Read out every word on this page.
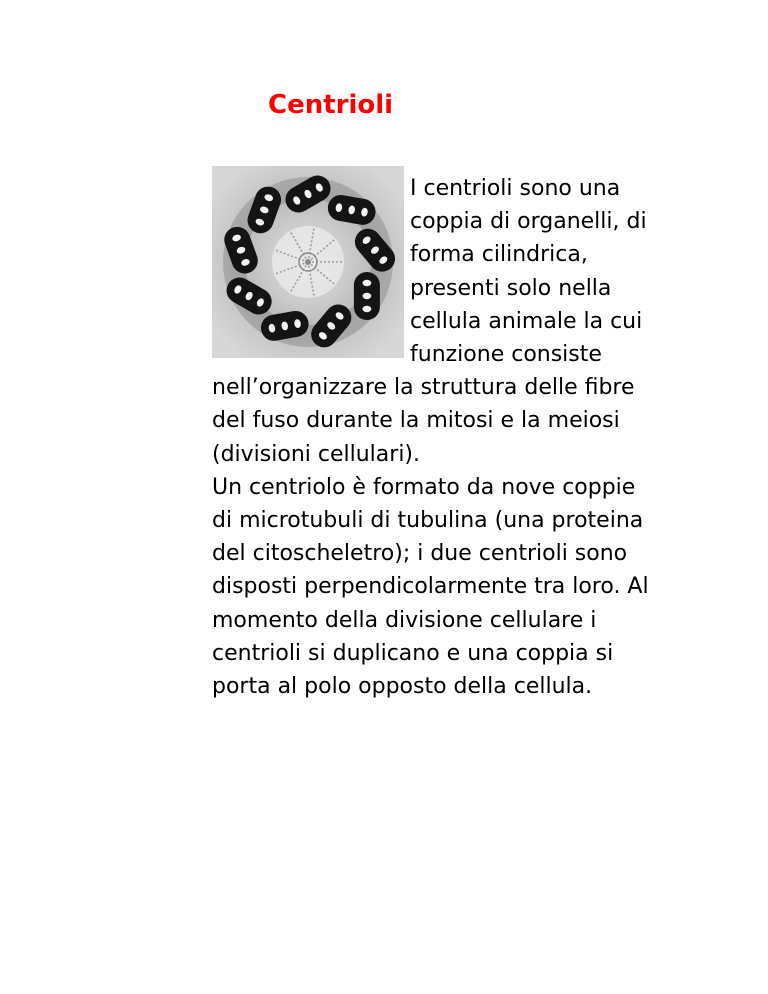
Centrioli

I centrioli sono una

coppia di organelli, di

forma cilindrica,

presenti solo nella

cellula animale la cui

funzione consiste

nell’organizzare la struttura delle fibre

del fuso durante la mitosi e la meiosi

(divisioni cellulari).

Un centriolo è formato da nove coppie

di microtubuli di tubulina (una proteina

del citoscheletro); i due centrioli sono

disposti perpendicolarmente tra loro. Al

momento della divisione cellulare i

centrioli si duplicano e una coppia si

porta al polo opposto della cellula.
